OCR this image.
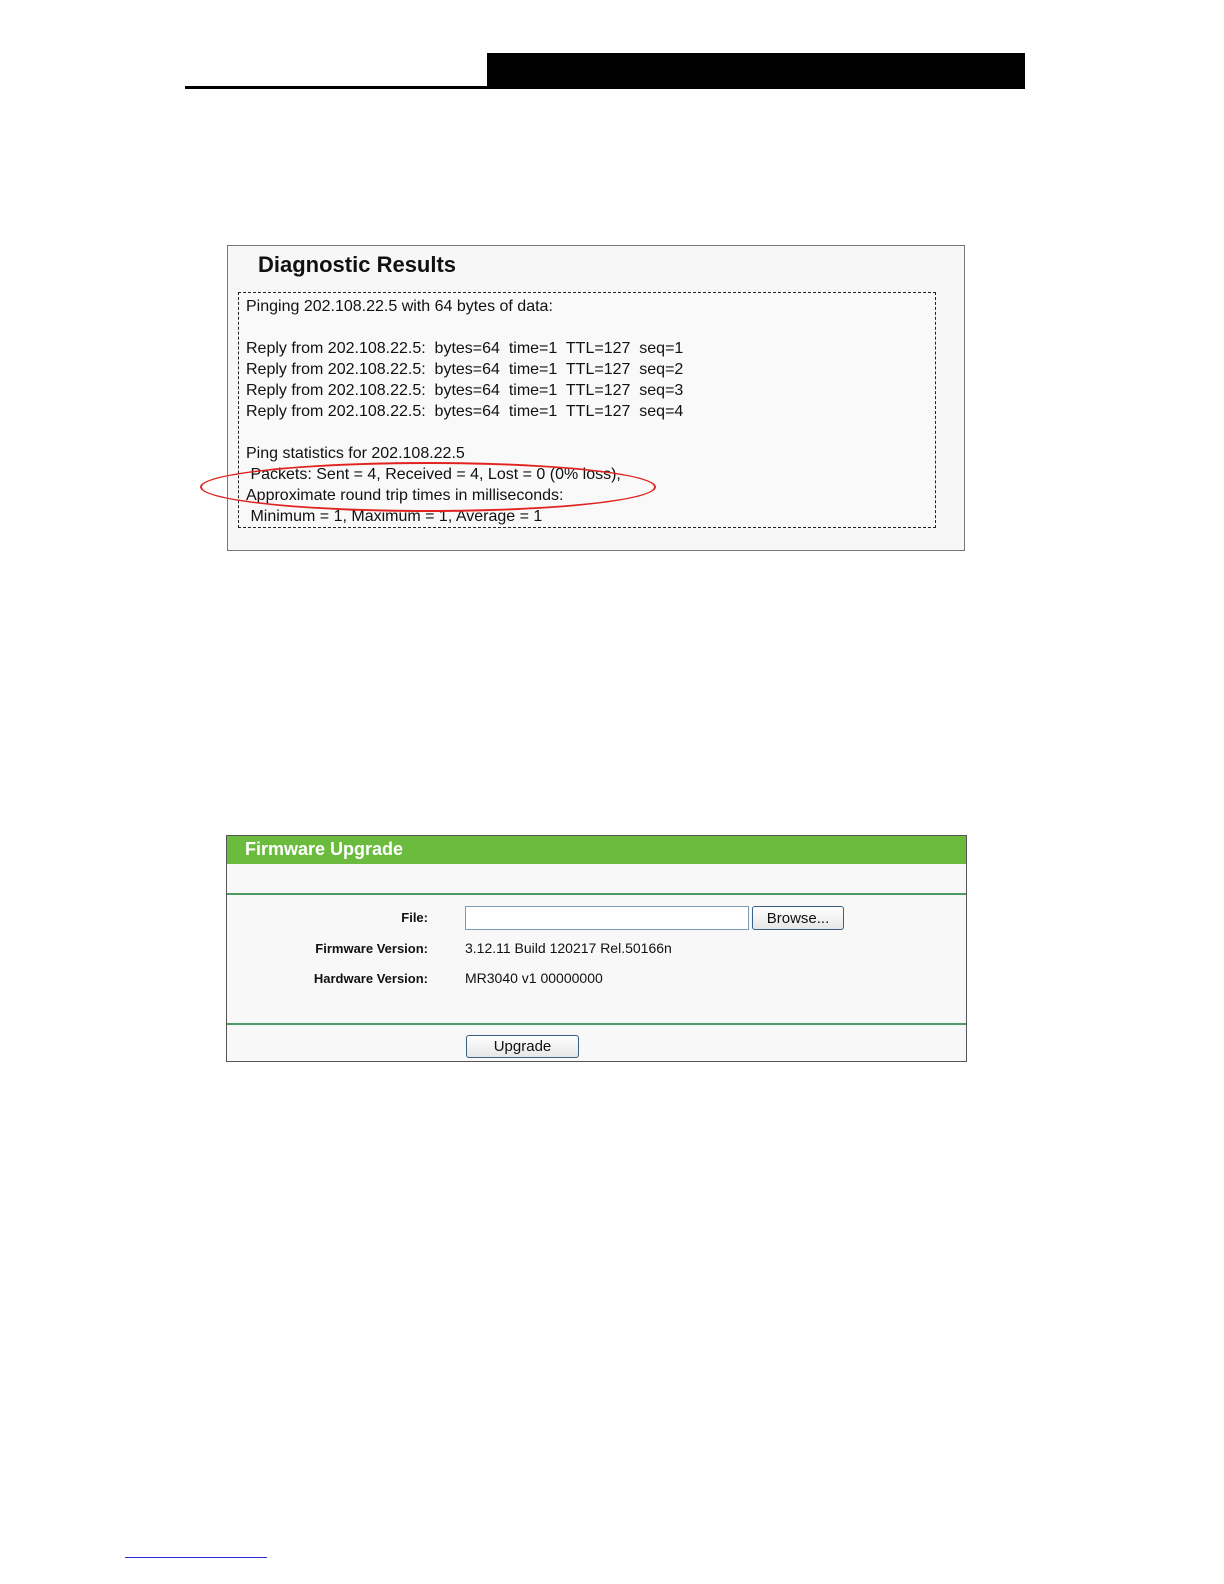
Diagnostic Results
Pinging 202.108.22.5 with 64 bytes of data:
Reply from 202.108.22.5:  bytes=64  time=1  TTL=127  seq=1
Reply from 202.108.22.5:  bytes=64  time=1  TTL=127  seq=2
Reply from 202.108.22.5:  bytes=64  time=1  TTL=127  seq=3
Reply from 202.108.22.5:  bytes=64  time=1  TTL=127  seq=4
Ping statistics for 202.108.22.5
Packets: Sent = 4, Received = 4, Lost = 0 (0% loss),
Approximate round trip times in milliseconds:
Minimum = 1, Maximum = 1, Average = 1
Firmware Upgrade
File:	Browse...
Firmware Version:	3.12.11 Build 120217 Rel.50166n
Hardware Version:	MR3040 v1 00000000
Upgrade
